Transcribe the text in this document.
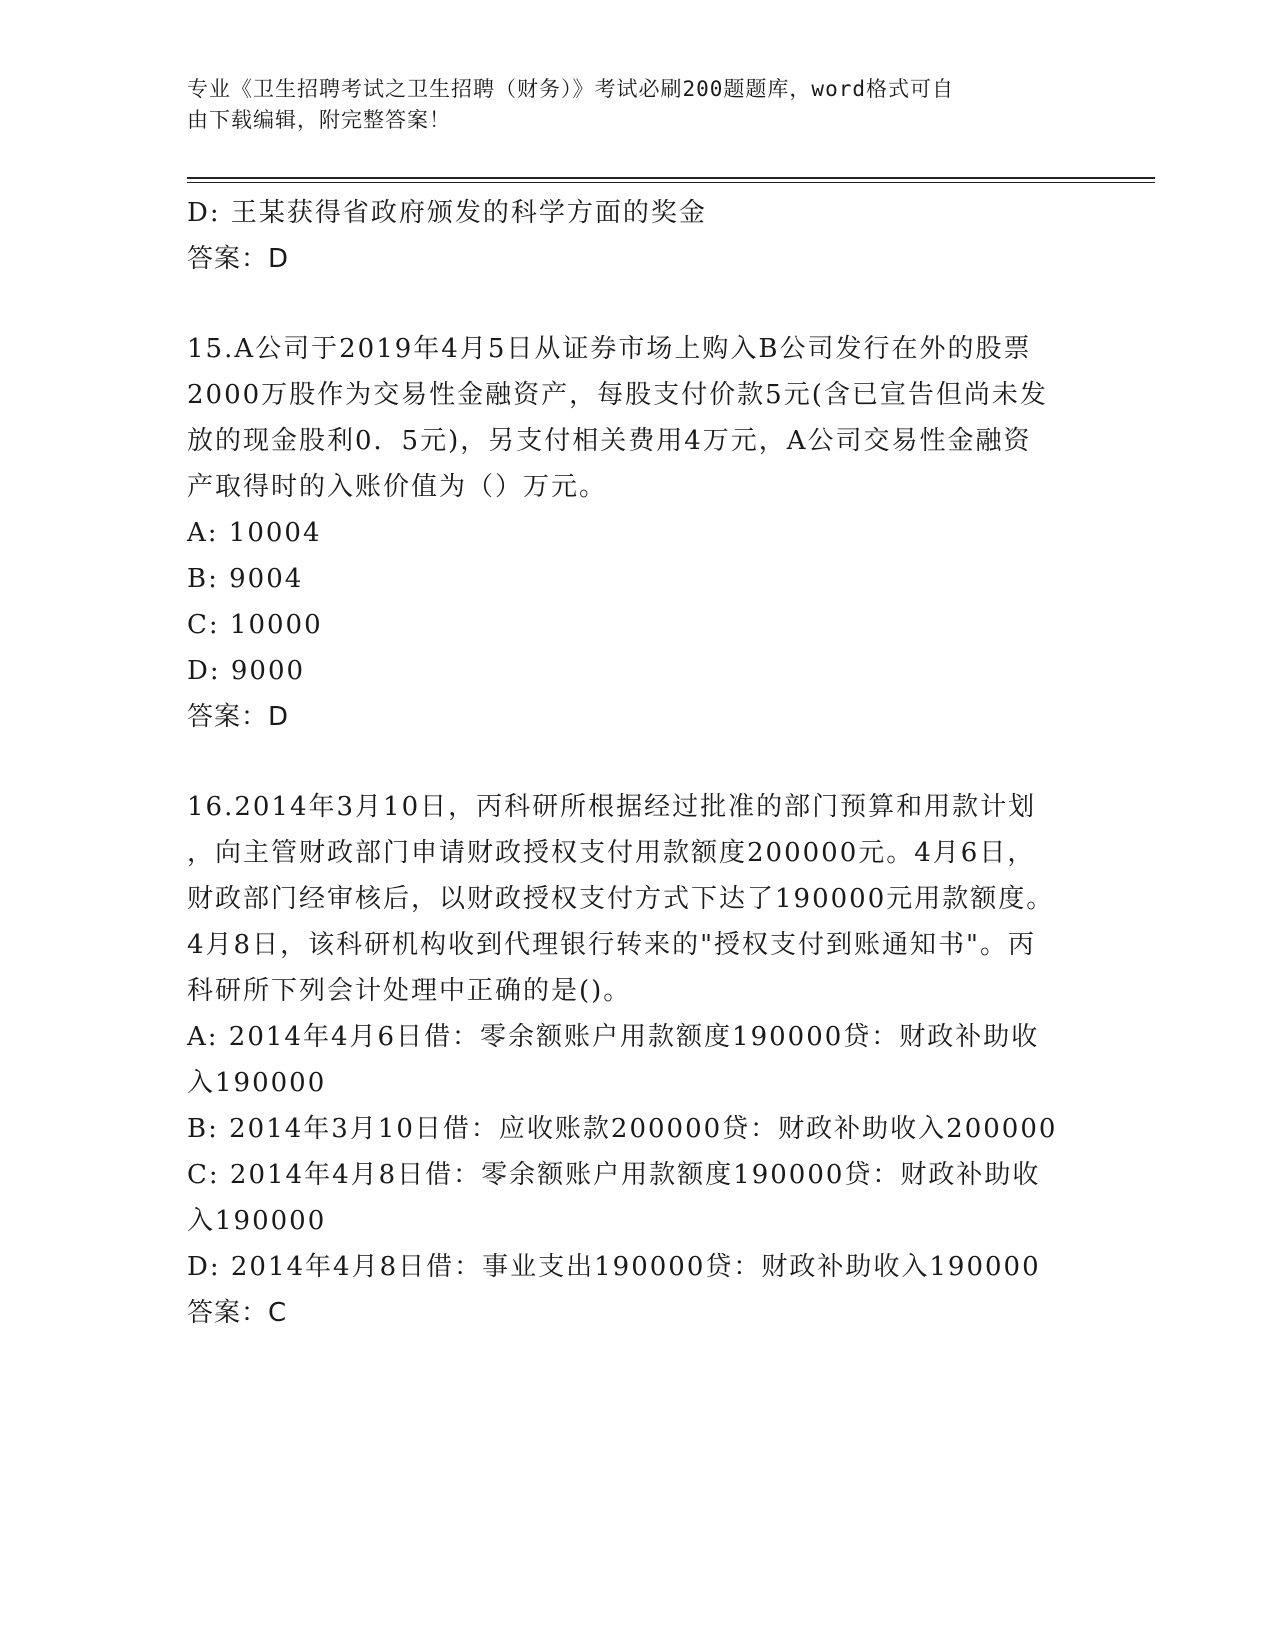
专业《卫生招聘考试之卫生招聘（财务）》考试必刷200题题库，word格式可自
由下载编辑，附完整答案！

D: 王某获得省政府颁发的科学方面的奖金

答案：D

15.A公司于2019年4月5日从证券市场上购入B公司发行在外的股票

2000万股作为交易性金融资产，每股支付价款5元(含已宣告但尚未发

放的现金股利0．5元)，另支付相关费用4万元，A公司交易性金融资

产取得时的入账价值为（）万元。

A: 10004

B: 9004

C: 10000

D: 9000

答案：D

16.2014年3月10日，丙科研所根据经过批准的部门预算和用款计划

，向主管财政部门申请财政授权支付用款额度200000元。4月6日，

财政部门经审核后，以财政授权支付方式下达了190000元用款额度。

4月8日，该科研机构收到代理银行转来的"授权支付到账通知书"。丙

科研所下列会计处理中正确的是()。

A: 2014年4月6日借：零余额账户用款额度190000贷：财政补助收

入190000

B: 2014年3月10日借：应收账款200000贷：财政补助收入200000

C: 2014年4月8日借：零余额账户用款额度190000贷：财政补助收

入190000

D: 2014年4月8日借：事业支出190000贷：财政补助收入190000

答案：C
